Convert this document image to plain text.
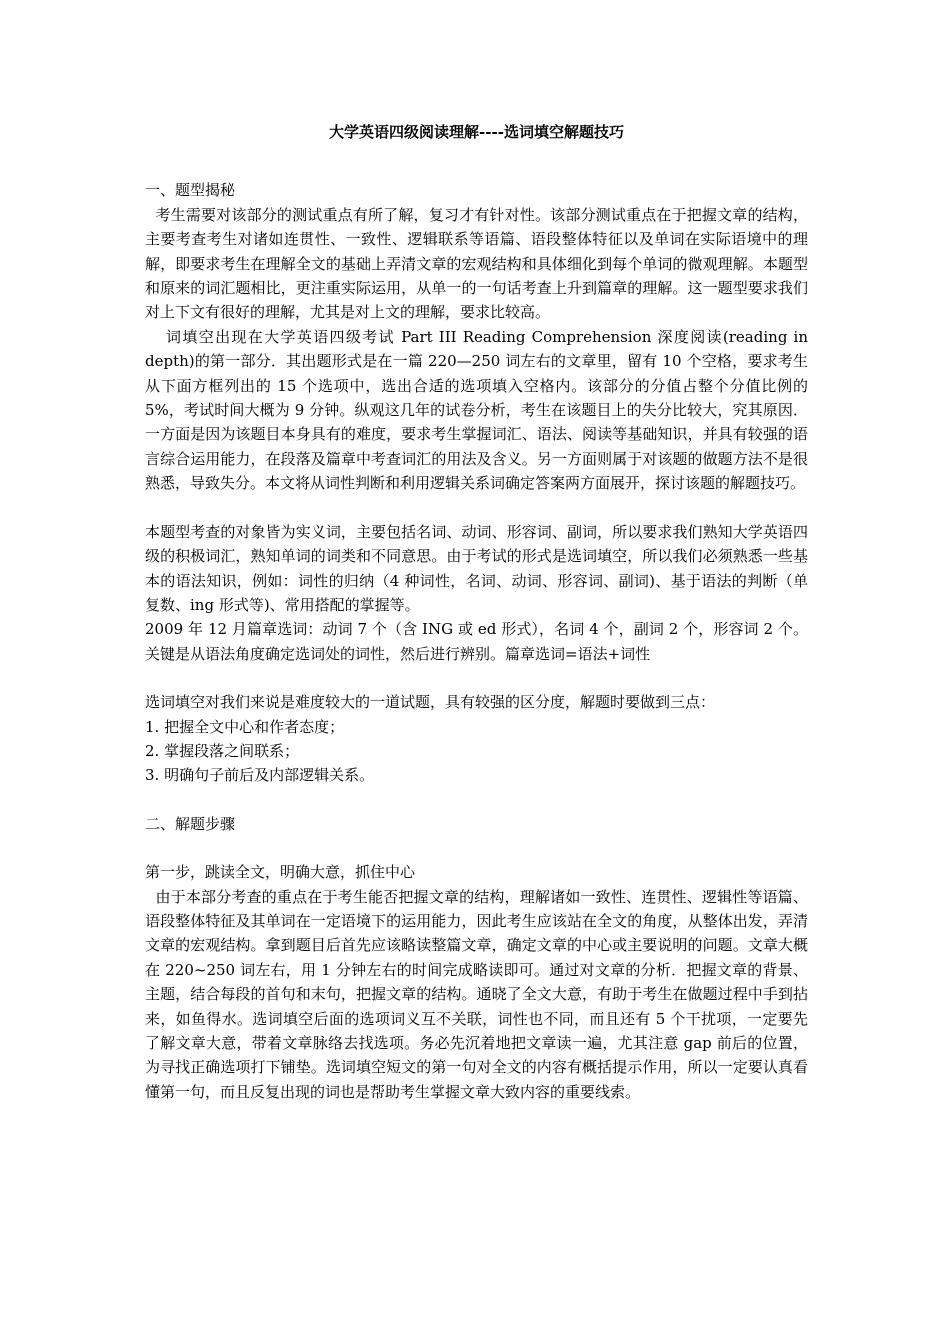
大学英语四级阅读理解----选词填空解题技巧
一、题型揭秘

考生需要对该部分的测试重点有所了解，复习才有针对性。该部分测试重点在于把握文章的结构，主要考查考生对诸如连贯性、一致性、逻辑联系等语篇、语段整体特征以及单词在实际语境中的理解，即要求考生在理解全文的基础上弄清文章的宏观结构和具体细化到每个单词的微观理解。本题型和原来的词汇题相比，更注重实际运用，从单一的一句话考查上升到篇章的理解。这一题型要求我们对上下文有很好的理解，尤其是对上文的理解，要求比较高。

词填空出现在大学英语四级考试 Part III Reading Comprehension 深度阅读(reading in depth)的第一部分．其出题形式是在一篇 220—250 词左右的文章里，留有 10 个空格，要求考生从下面方框列出的 15 个选项中，选出合适的选项填入空格内。该部分的分值占整个分值比例的 5%，考试时间大概为 9 分钟。纵观这几年的试卷分析，考生在该题目上的失分比较大，究其原因．一方面是因为该题目本身具有的难度，要求考生掌握词汇、语法、阅读等基础知识，并具有较强的语言综合运用能力，在段落及篇章中考查词汇的用法及含义。另一方面则属于对该题的做题方法不是很熟悉，导致失分。本文将从词性判断和利用逻辑关系词确定答案两方面展开，探讨该题的解题技巧。

本题型考查的对象皆为实义词，主要包括名词、动词、形容词、副词，所以要求我们熟知大学英语四级的积极词汇，熟知单词的词类和不同意思。由于考试的形式是选词填空，所以我们必须熟悉一些基本的语法知识，例如：词性的归纳（4 种词性，名词、动词、形容词、副词)、基于语法的判断（单复数、ing 形式等)、常用搭配的掌握等。

2009 年 12 月篇章选词：动词 7 个（含 ING 或 ed 形式），名词 4 个，副词 2 个，形容词 2 个。关键是从语法角度确定选词处的词性，然后进行辨别。篇章选词=语法+词性

选词填空对我们来说是难度较大的一道试题，具有较强的区分度，解题时要做到三点：

1. 把握全文中心和作者态度；

2. 掌握段落之间联系；

3. 明确句子前后及内部逻辑关系。

二、解题步骤
第一步，跳读全文，明确大意，抓住中心

由于本部分考查的重点在于考生能否把握文章的结构，理解诸如一致性、连贯性、逻辑性等语篇、语段整体特征及其单词在一定语境下的运用能力，因此考生应该站在全文的角度，从整体出发，弄清文章的宏观结构。拿到题目后首先应该略读整篇文章，确定文章的中心或主要说明的问题。文章大概在 220~250 词左右，用 1 分钟左右的时间完成略读即可。通过对文章的分析．把握文章的背景、主题，结合每段的首句和末句，把握文章的结构。通晓了全文大意，有助于考生在做题过程中手到拈来，如鱼得水。选词填空后面的选项词义互不关联，词性也不同，而且还有 5 个干扰项，一定要先了解文章大意，带着文章脉络去找选项。务必先沉着地把文章读一遍，尤其注意 gap 前后的位置，为寻找正确选项打下铺垫。选词填空短文的第一句对全文的内容有概括提示作用，所以一定要认真看懂第一句，而且反复出现的词也是帮助考生掌握文章大致内容的重要线索。
